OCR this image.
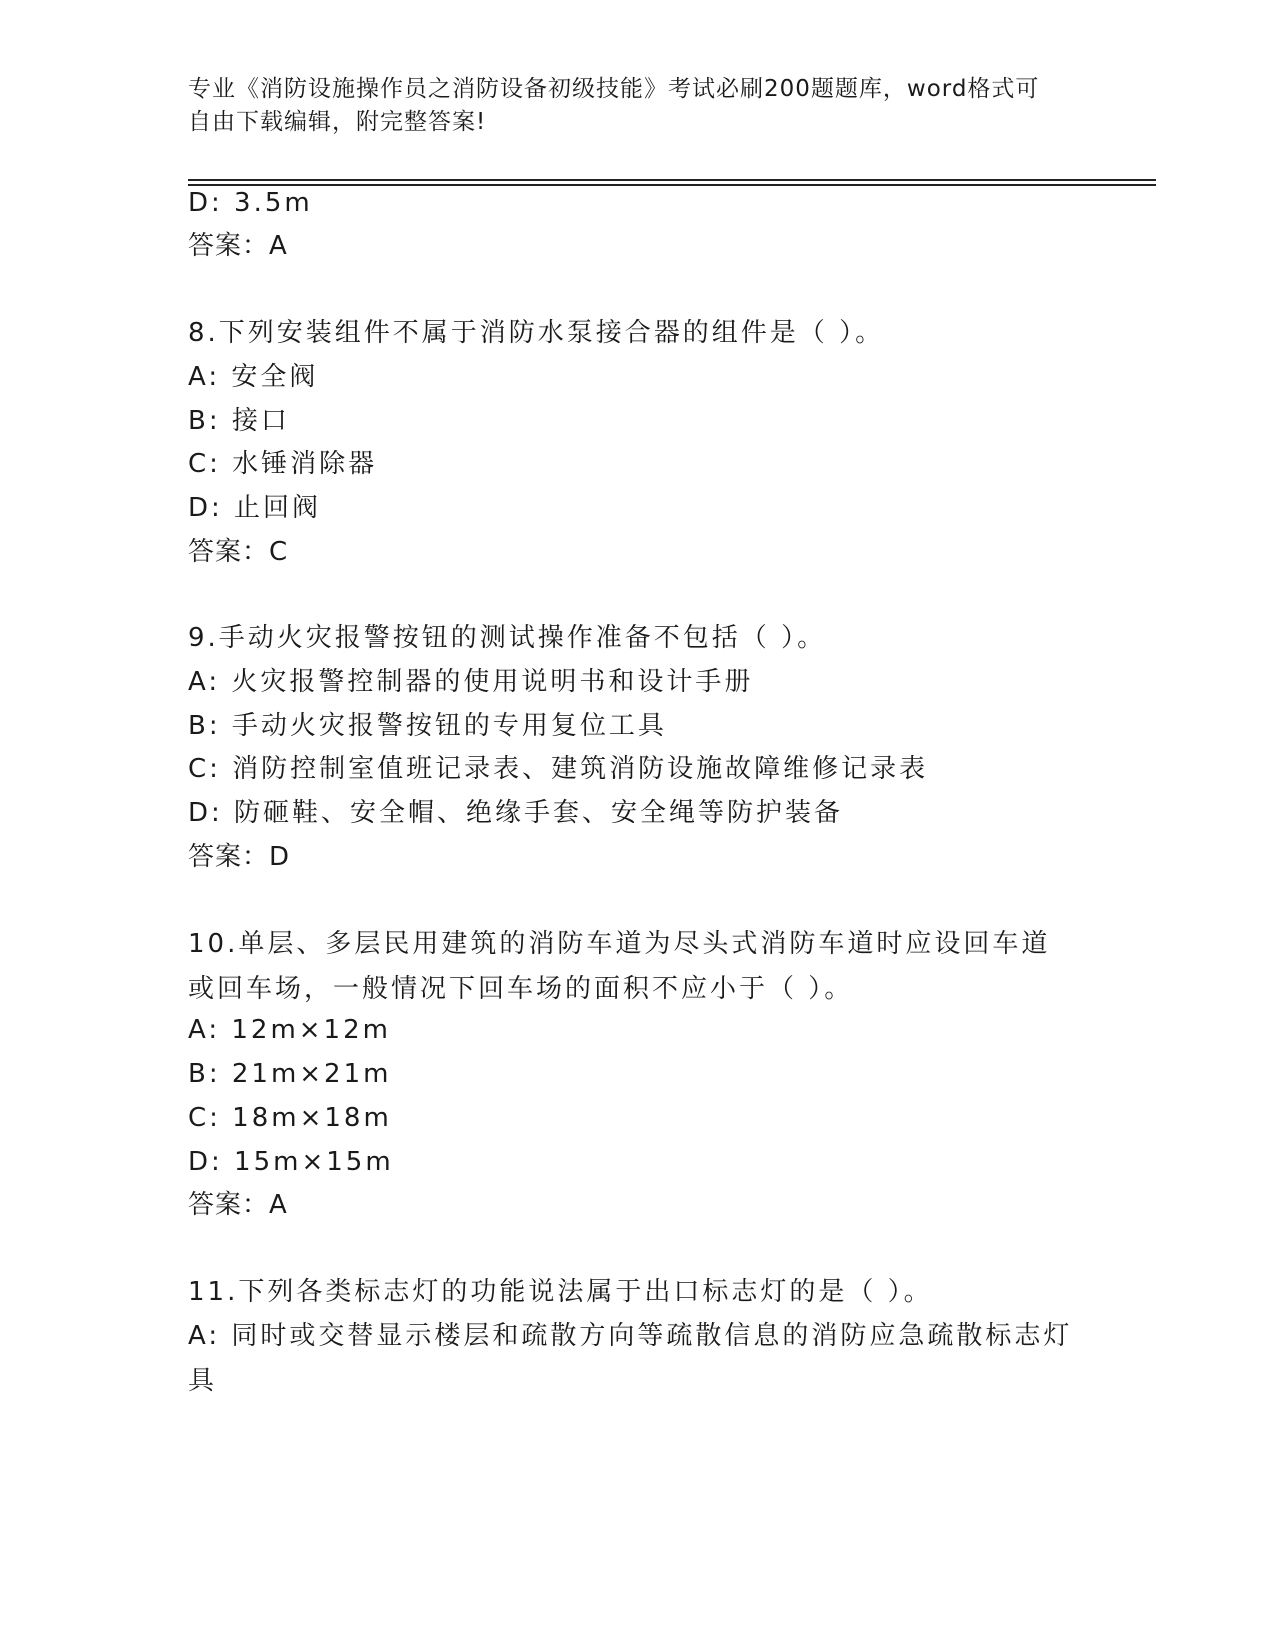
专业《消防设施操作员之消防设备初级技能》考试必刷200题题库，word格式可
自由下载编辑，附完整答案!
D: 3.5m
答案：A
8.下列安装组件不属于消防水泵接合器的组件是（ ）。
A: 安全阀
B: 接口
C: 水锤消除器
D: 止回阀
答案：C
9.手动火灾报警按钮的测试操作准备不包括（ ）。
A: 火灾报警控制器的使用说明书和设计手册
B: 手动火灾报警按钮的专用复位工具
C: 消防控制室值班记录表、建筑消防设施故障维修记录表
D: 防砸鞋、安全帽、绝缘手套、安全绳等防护装备
答案：D
10.单层、多层民用建筑的消防车道为尽头式消防车道时应设回车道或回车场，一般情况下回车场的面积不应小于（ ）。
A: 12m×12m
B: 21m×21m
C: 18m×18m
D: 15m×15m
答案：A
11.下列各类标志灯的功能说法属于出口标志灯的是（ ）。
A: 同时或交替显示楼层和疏散方向等疏散信息的消防应急疏散标志灯具
